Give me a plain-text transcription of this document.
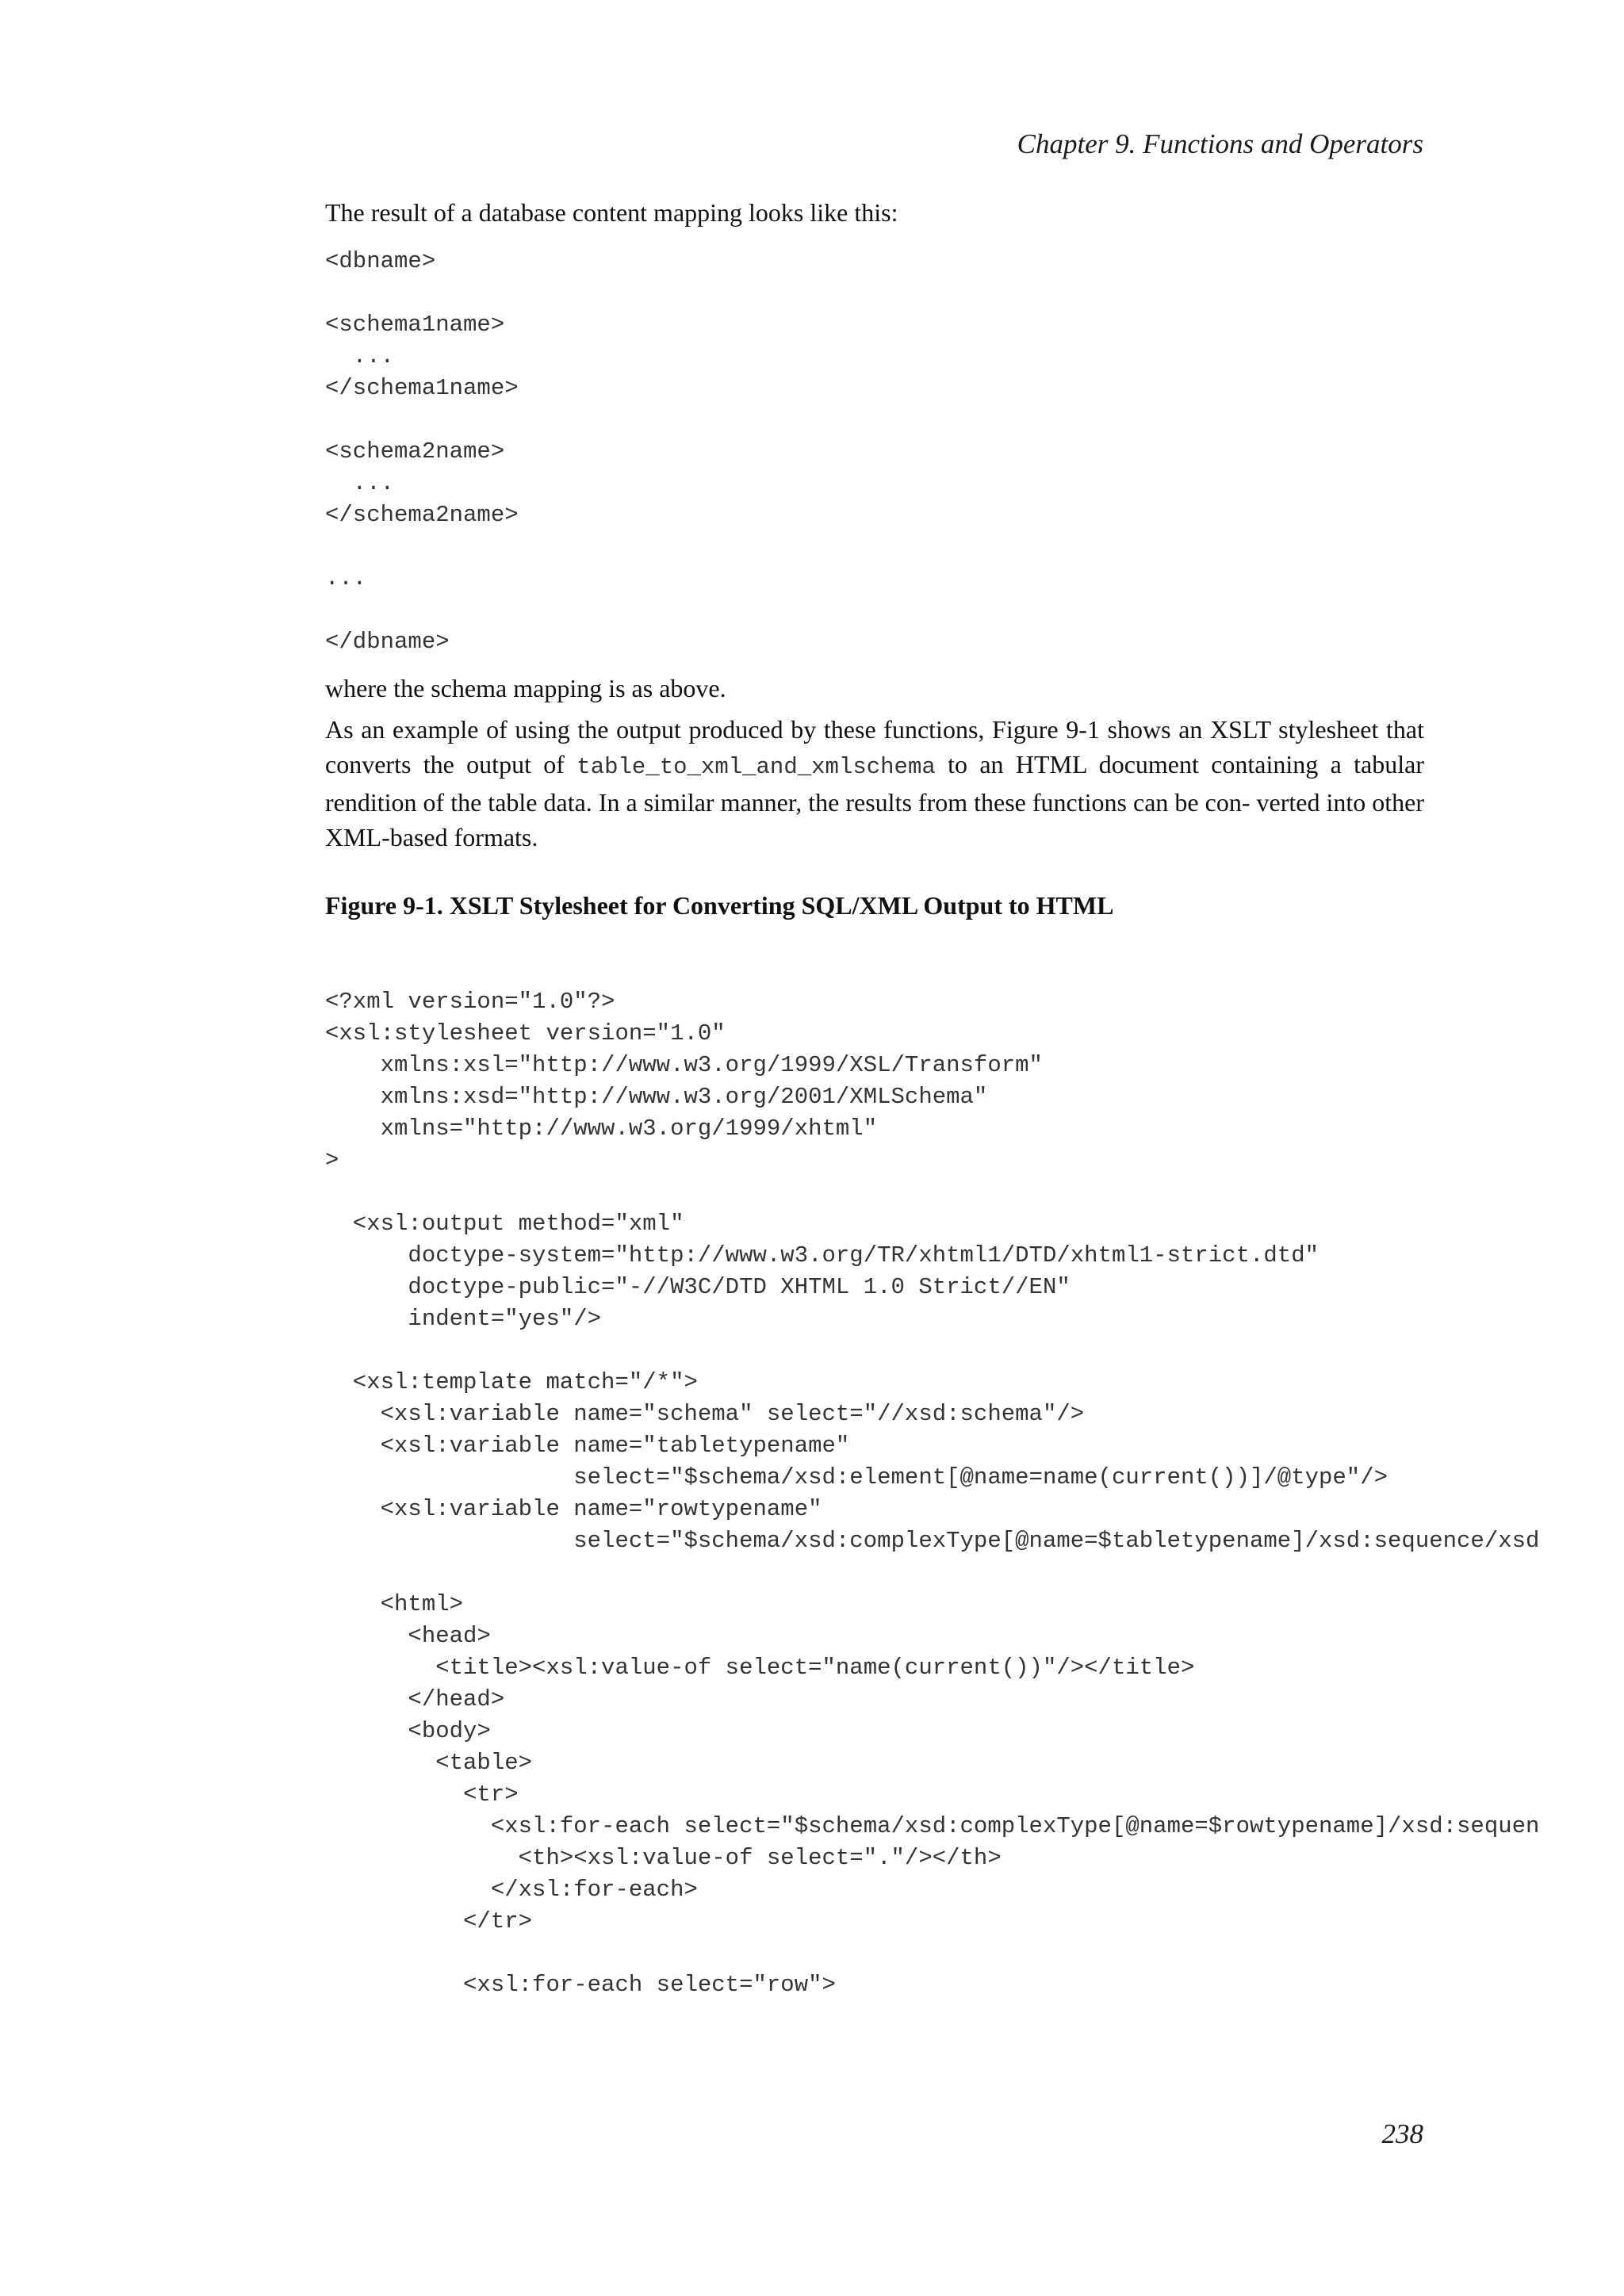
Chapter 9. Functions and Operators

The result of a database content mapping looks like this:

<dbname>
<schema1name>
...
</schema1name>
<schema2name>
...
</schema2name>
...
</dbname>

where the schema mapping is as above.

As an example of using the output produced by these functions, Figure 9-1 shows an XSLT stylesheet that converts the output of table_to_xml_and_xmlschema to an HTML document containing a tabular rendition of the table data. In a similar manner, the results from these functions can be con- verted into other XML-based formats.

Figure 9-1. XSLT Stylesheet for Converting SQL/XML Output to HTML

<?xml version="1.0"?>
<xsl:stylesheet version="1.0"
xmlns:xsl="http://www.w3.org/1999/XSL/Transform"
xmlns:xsd="http://www.w3.org/2001/XMLSchema"
xmlns="http://www.w3.org/1999/xhtml"
>
<xsl:output method="xml"
doctype-system="http://www.w3.org/TR/xhtml1/DTD/xhtml1-strict.dtd"
doctype-public="-//W3C/DTD XHTML 1.0 Strict//EN"
indent="yes"/>
<xsl:template match="/*">
<xsl:variable name="schema" select="//xsd:schema"/>
<xsl:variable name="tabletypename"
select="$schema/xsd:element[@name=name(current())]/@type"/>
<xsl:variable name="rowtypename"
select="$schema/xsd:complexType[@name=$tabletypename]/xsd:sequence/xsd
<html>
<head>
<title><xsl:value-of select="name(current())"/></title>
</head>
<body>
<table>
<tr>
<xsl:for-each select="$schema/xsd:complexType[@name=$rowtypename]/xsd:sequen
<th><xsl:value-of select="."/></th>
</xsl:for-each>
</tr>
<xsl:for-each select="row">
238
